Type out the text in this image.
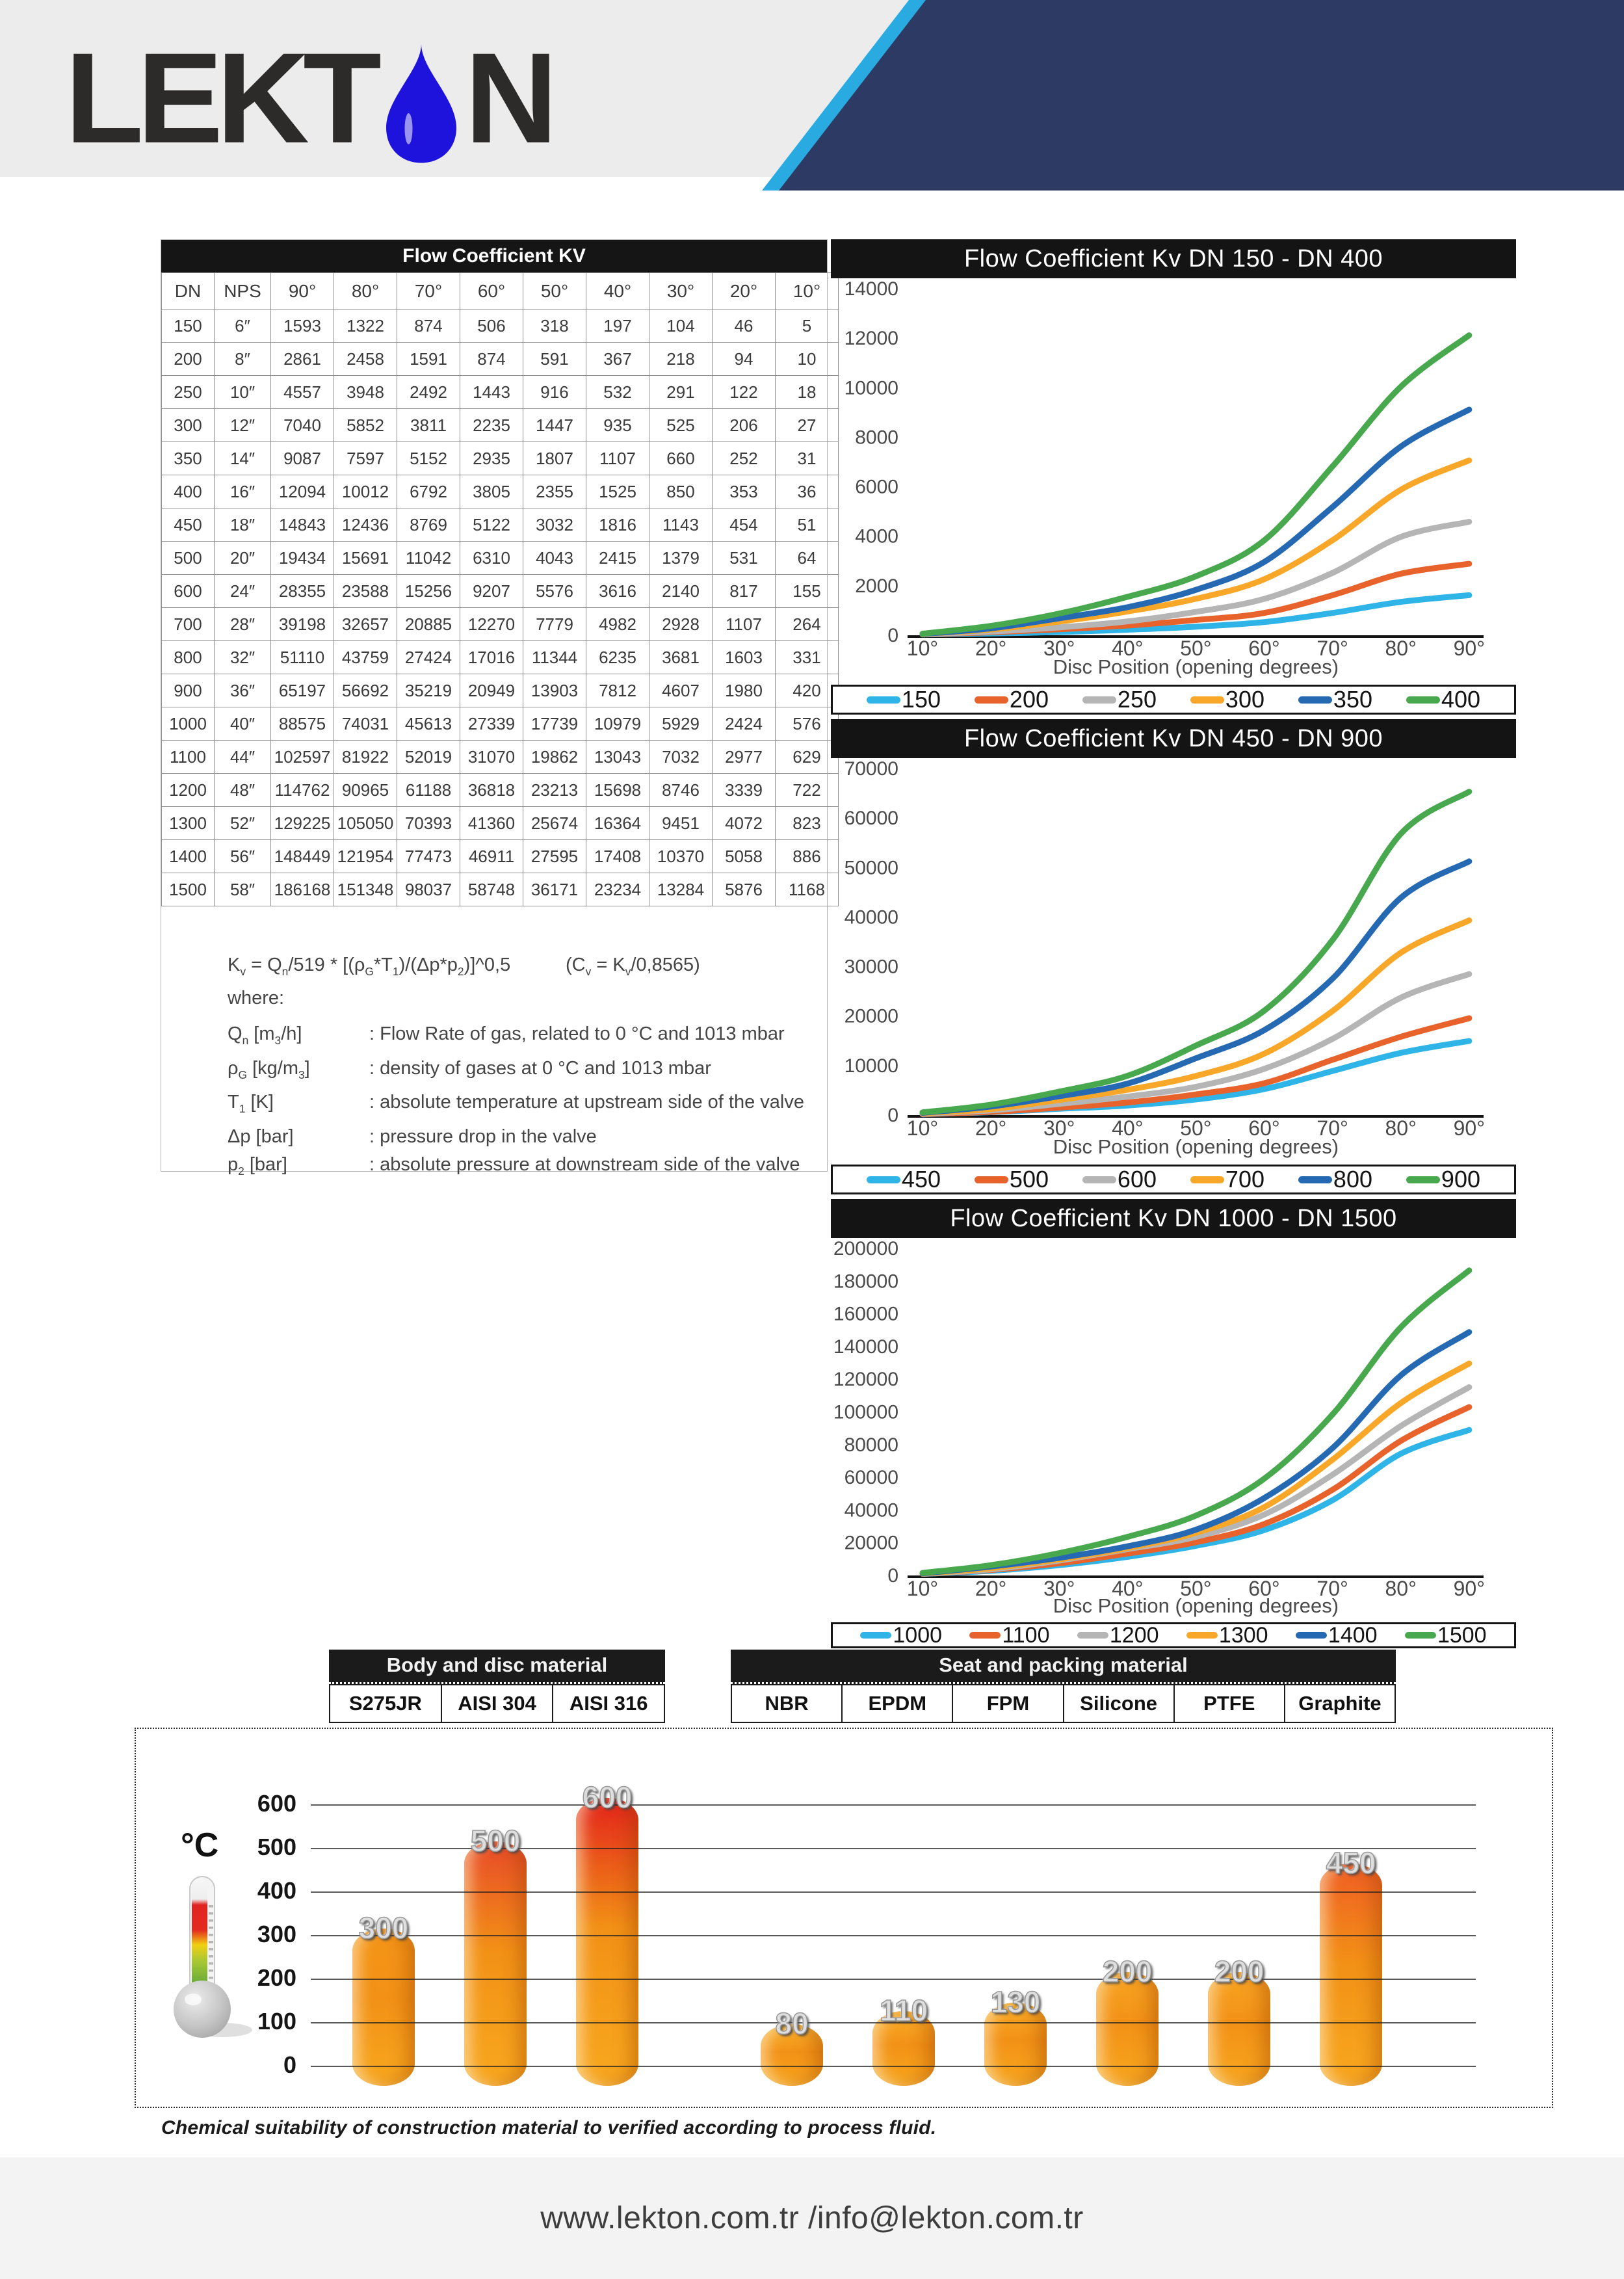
LEKT N
Flow Coefficient KV
DN	NPS	90°	80°	70°	60°	50°	40°	30°	20°	10°
150	6″	1593	1322	874	506	318	197	104	46	5
200	8″	2861	2458	1591	874	591	367	218	94	10
250	10″	4557	3948	2492	1443	916	532	291	122	18
300	12″	7040	5852	3811	2235	1447	935	525	206	27
350	14″	9087	7597	5152	2935	1807	1107	660	252	31
400	16″	12094	10012	6792	3805	2355	1525	850	353	36
450	18″	14843	12436	8769	5122	3032	1816	1143	454	51
500	20″	19434	15691	11042	6310	4043	2415	1379	531	64
600	24″	28355	23588	15256	9207	5576	3616	2140	817	155
700	28″	39198	32657	20885	12270	7779	4982	2928	1107	264
800	32″	51110	43759	27424	17016	11344	6235	3681	1603	331
900	36″	65197	56692	35219	20949	13903	7812	4607	1980	420
1000	40″	88575	74031	45613	27339	17739	10979	5929	2424	576
1100	44″	102597	81922	52019	31070	19862	13043	7032	2977	629
1200	48″	114762	90965	61188	36818	23213	15698	8746	3339	722
1300	52″	129225	105050	70393	41360	25674	16364	9451	4072	823
1400	56″	148449	121954	77473	46911	27595	17408	10370	5058	886
1500	58″	186168	151348	98037	58748	36171	23234	13284	5876	1168
$K_v = Q_n/519$ * $[(\rho_G*T_1)/(\Delta p*p_2)]\^{}0,5$	$(C_v = K_v/0,8565)$
where:
$Q_n$ $[m_3/h]$	: Flow Rate of gas, related to 0 °C and 1013 mbar
$\rho_G$ $[kg/m_3]$	: density of gases at 0 °C and 1013 mbar
$T_1$ [K]	: absolute temperature at upstream side of the valve
Δp [bar]	: pressure drop in the valve
$p_2$ [bar]	: absolute pressure at downstream side of the valve
Flow Coefficient Kv DN 150 - DN 400
0
2000
4000
6000
8000
10000
12000
14000
10° 20° 30° 40° 50° 60° 70° 80° 90°
Disc Position (opening degrees)
150	200	250	300	350	400
Flow Coefficient Kv DN 450 - DN 900
0
10000
20000
30000
40000
50000
60000
70000
10° 20° 30° 40° 50° 60° 70° 80° 90°
Disc Position (opening degrees)
450	500	600	700	800	900
Flow Coefficient Kv DN 1000 - DN 1500
0
20000
40000
60000
80000
100000
120000
140000
160000
180000
200000
10° 20° 30° 40° 50° 60° 70° 80° 90°
Disc Position (opening degrees)
1000	1100	1200	1300	1400	1500
Body and disc material
S275JR	AISI 304	AISI 316
Seat and packing material
NBR	EPDM	FPM	Silicone	PTFE	Graphite
°C
300
500
600
80	110	130
200	200
450
0
100
200
300
400
500
600
Chemical suitability of construction material to verified according to process fluid.
www.lekton.com.tr /info@lekton.com.tr
